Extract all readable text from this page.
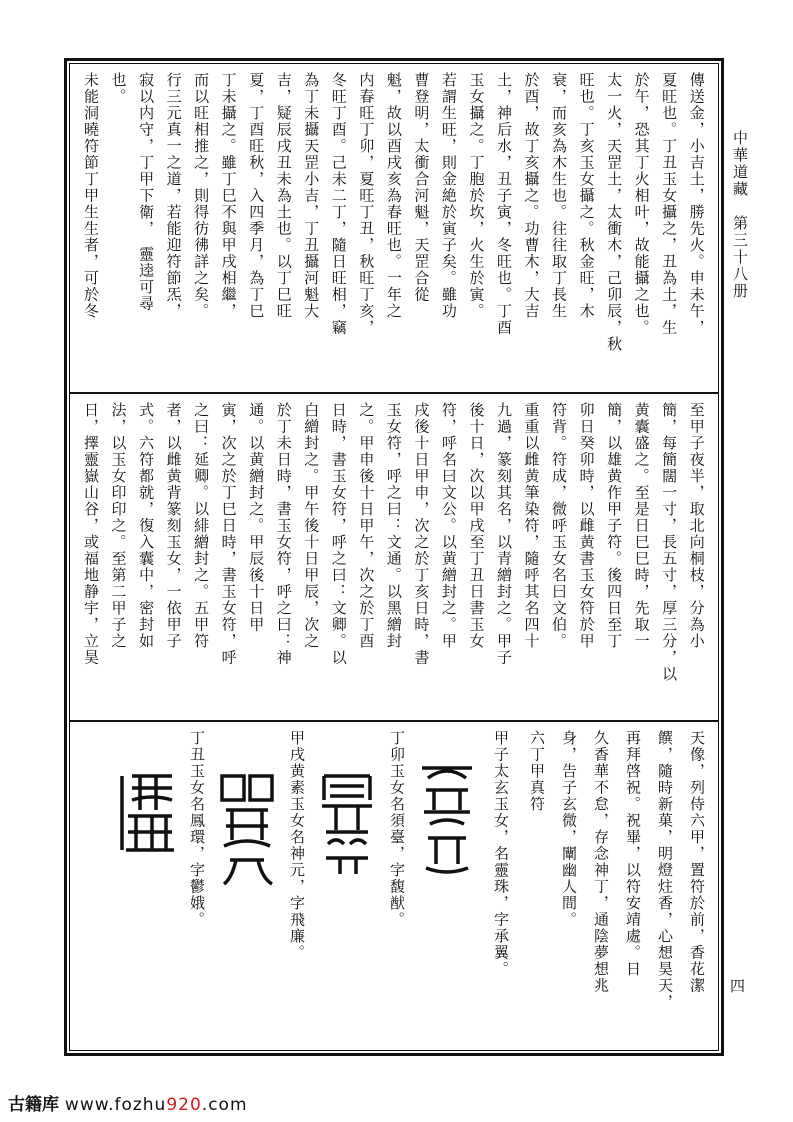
中華道藏　第三十八册
四
傳送金，小吉土，勝先火。申未午，
夏旺也。丁丑玉女攝之，丑為土，生
於午，恐其丁火相叶，故能攝之也。
太一火，天罡土，太衝木，己卯辰，秋
旺也。丁亥玉女攝之。秋金旺，木
衰，而亥為木生也。往往取丁長生
於酉，故丁亥攝之。功曹木，大吉
土，神后水，丑子寅，冬旺也。丁酉
玉女攝之。丁胞於坎，火生於寅。
若謂生旺，則金絶於寅子矣。雖功
曹登明，太衝合河魁，天罡合從
魁，故以酉戌亥為春旺也。一年之
内春旺丁卯，夏旺丁丑，秋旺丁亥，
冬旺丁酉。己未二丁，隨日旺相，竊
為丁未攝天罡小吉，丁丑攝河魁大
吉，疑辰戌丑未為土也。以丁巳旺
夏，丁酉旺秋，入四季月，為丁巳
丁未攝之。雖丁巳不與甲戌相繼，
而以旺相推之，則得彷彿詳之矣。
行三元真一之道，若能迎符節炁，
寂以内守，丁甲下衛，　靈逵可尋
也。
未能洞曉符節丁甲生生者，可於冬
至甲子夜半，取北向桐枝，分為小
簡，每簡闊一寸，長五寸，厚三分，以
黄囊盛之。至是日巳巳時，先取一
簡，以雄黄作甲子符。後四日至丁
卯日癸卯時，以雌黄書玉女符於甲
符背。符成，微呼玉女名曰文伯。
重重以雌黄筆染符，隨呼其名四十
九過，篆刻其名，以青繒封之。甲子
後十日，次以甲戌至丁丑日書玉女
符，呼名曰文公。以黄繒封之。甲
戌後十日甲申，次之於丁亥日時，書
玉女符，呼之曰：文通。以黑繒封
之。甲申後十日甲午，次之於丁酉
日時，書玉女符，呼之曰：文卿。以
白繒封之。甲午後十日甲辰，次之
於丁未日時，書玉女符，呼之曰：神
通。以黄繒封之。甲辰後十日甲
寅，次之於丁巳日時，書玉女符，呼
之曰：延卿。以緋繒封之。五甲符
者，以雌黄背篆刻玉女，一依甲子
式。六符都就，復入囊中，密封如
法，以玉女印印之。至第二甲子之
日，擇靈嶽山谷，或福地静宇，立昊
天像，列侍六甲，置符於前，香花潔
饌，隨時新菓，明燈炷香，心想昊天，
再拜啓祝。祝畢，以符安靖處。日
久香華不怠，存念神丁，通陰夢想兆
身，告子玄微，闡幽人間。
六丁甲真符
甲子太玄玉女，名靈珠，字承翼。
丁卯玉女名須臺，字馥猷。
甲戌黄素玉女名神元，字飛廉。
丁丑玉女名鳳環，字鬱娥。
古籍库 www.fozhu920.com
